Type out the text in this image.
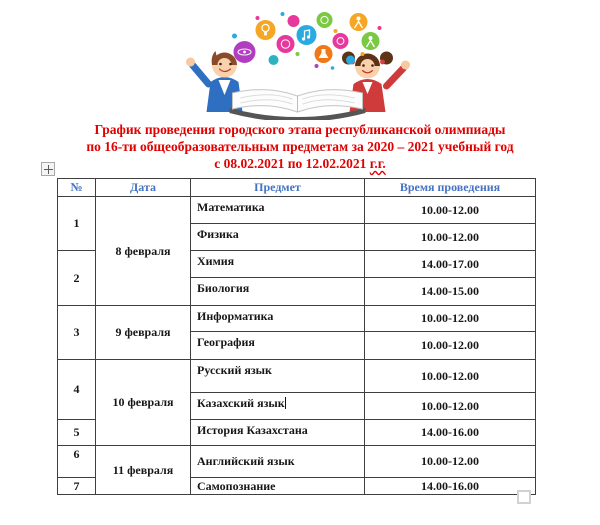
График проведения городского этапа республиканской олимпиады
по 16-ти общеобразовательным предметам за 2020 – 2021 учебный год
с 08.02.2021 по 12.02.2021 г.г.
№	Дата	Предмет	Время проведения
1	8 февраля	Математика	10.00-12.00
		Физика	10.00-12.00
2		Химия	14.00-17.00
		Биология	14.00-15.00
3	9 февраля	Информатика	10.00-12.00
		География	10.00-12.00
4	10 февраля	Русский язык	10.00-12.00
		Казахский язык	10.00-12.00
5		История Казахстана	14.00-16.00
6	11 февраля	Английский язык	10.00-12.00
7		Самопознание	14.00-16.00
